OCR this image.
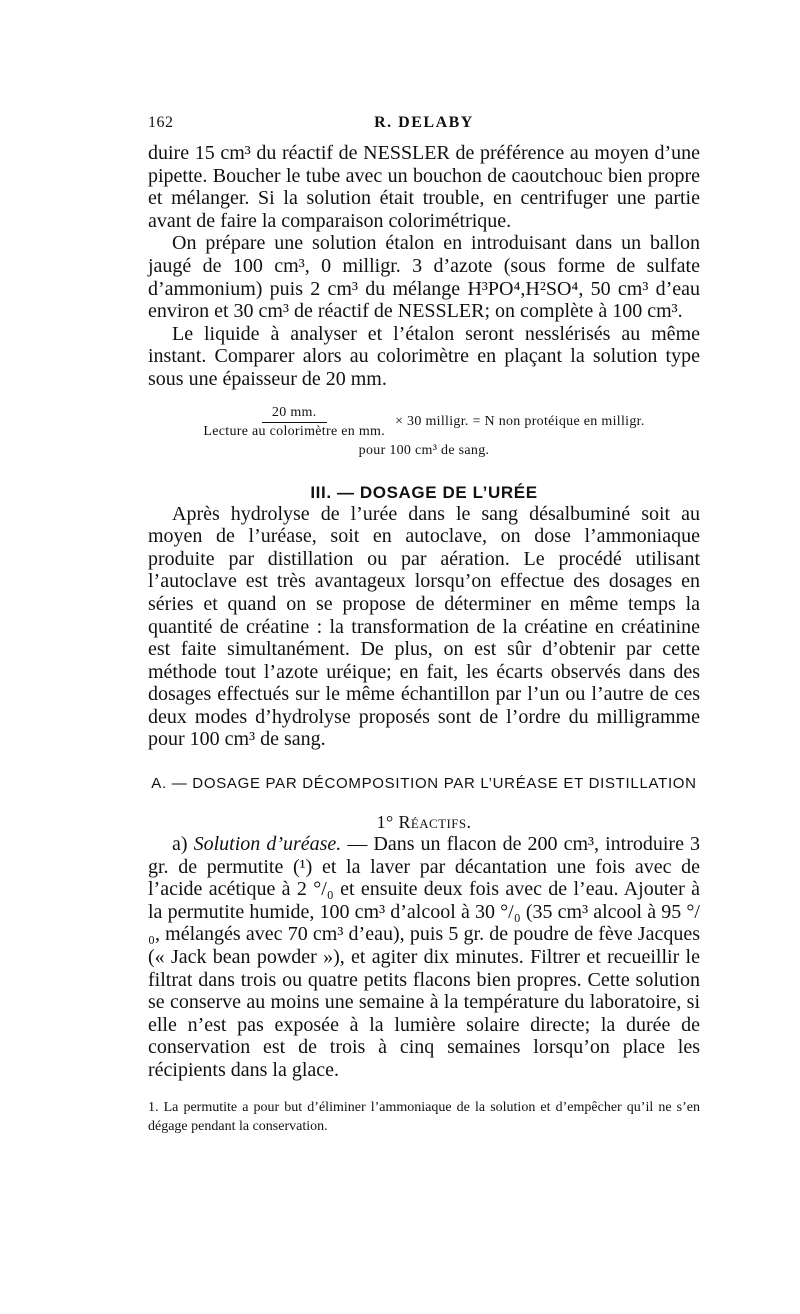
162	R. DELABY

duire 15 cm³ du réactif de NESSLER de préférence au moyen d’une pipette. Boucher le tube avec un bouchon de caoutchouc bien propre et mélanger. Si la solution était trouble, en centrifuger une partie avant de faire la comparaison colorimétrique.

On prépare une solution étalon en introduisant dans un ballon jaugé de 100 cm³, 0 milligr. 3 d’azote (sous forme de sulfate d’ammonium) puis 2 cm³ du mélange H³PO⁴,H²SO⁴, 50 cm³ d’eau environ et 30 cm³ de réactif de NESSLER; on complète à 100 cm³.

Le liquide à analyser et l’étalon seront nesslérisés au même instant. Comparer alors au colorimètre en plaçant la solution type sous une épaisseur de 20 mm.

$\frac{20 mm.}{\text{Lecture au colorimètre en mm.}} \times 30$ milligr. = N non protéique en milligr.
pour 100 cm³ de sang.
III. — DOSAGE DE L’URÉE

Après hydrolyse de l’urée dans le sang désalbuminé soit au moyen de l’uréase, soit en autoclave, on dose l’ammoniaque produite par distillation ou par aération. Le procédé utilisant l’autoclave est très avantageux lorsqu’on effectue des dosages en séries et quand on se propose de déterminer en même temps la quantité de créatine : la transformation de la créatine en créatinine est faite simultanément. De plus, on est sûr d’obtenir par cette méthode tout l’azote uréique; en fait, les écarts observés dans des dosages effectués sur le même échantillon par l’un ou l’autre de ces deux modes d’hydrolyse proposés sont de l’ordre du milligramme pour 100 cm³ de sang.

A. — DOSAGE PAR DÉCOMPOSITION PAR L’URÉASE ET DISTILLATION
1° Réactifs.

a) Solution d’uréase. — Dans un flacon de 200 cm³, introduire 3 gr. de permutite (¹) et la laver par décantation une fois avec de l’acide acétique à 2 °/₀ et ensuite deux fois avec de l’eau. Ajouter à la permutite humide, 100 cm³ d’alcool à 30 °/₀ (35 cm³ alcool à 95 °/₀, mélangés avec 70 cm³ d’eau), puis 5 gr. de poudre de fève Jacques (« Jack bean powder »), et agiter dix minutes. Filtrer et recueillir le filtrat dans trois ou quatre petits flacons bien propres. Cette solution se conserve au moins une semaine à la température du laboratoire, si elle n’est pas exposée à la lumière solaire directe; la durée de conservation est de trois à cinq semaines lorsqu’on place les récipients dans la glace.

1. La permutite a pour but d’éliminer l’ammoniaque de la solution et d’empêcher qu’il ne s’en dégage pendant la conservation.
